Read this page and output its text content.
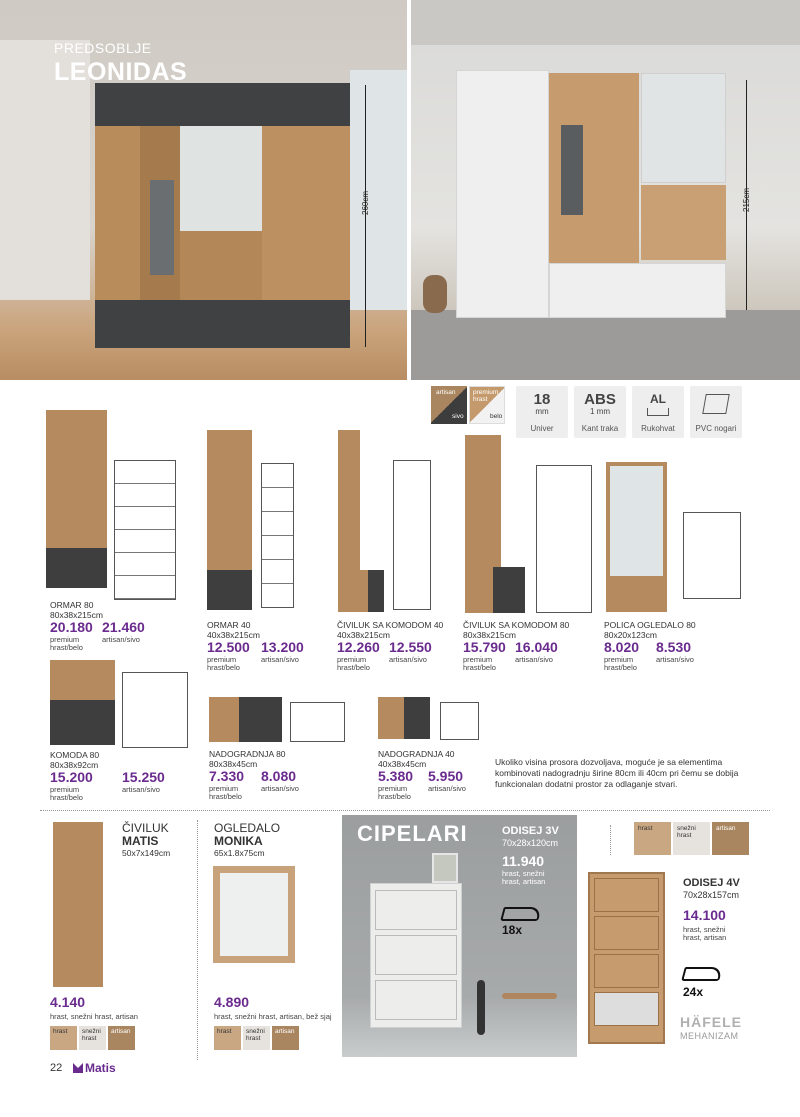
260cm
PREDSOBLJE
LEONIDAS
215cm
artisan
sivo
premium hrast
belo
18
mm
Univer
ABS
1 mm
Kant traka
AL
Rukohvat	PVC nogari
ORMAR 80
80x38x215cm
20.180
premium hrast/belo
21.460
artisan/sivo
ORMAR 40
40x38x215cm
12.500
premium hrast/belo
13.200
artisan/sivo
ČIVILUK SA KOMODOM 40
40x38x215cm
12.260
premium hrast/belo
12.550
artisan/sivo
ČIVILUK SA KOMODOM 80
80x38x215cm
15.790
premium hrast/belo
16.040
artisan/sivo
POLICA OGLEDALO 80
80x20x123cm
8.020
premium hrast/belo
8.530
artisan/sivo
KOMODA 80
80x38x92cm
15.200
premium hrast/belo
15.250
artisan/sivo
NADOGRADNJA 80
80x38x45cm
7.330
premium hrast/belo
8.080
artisan/sivo
NADOGRADNJA 40
40x38x45cm
5.380
premium hrast/belo
5.950
artisan/sivo
Ukoliko visina prosora dozvoljava, moguće je sa elementima kombinovati nadogradnju širine 80cm ili 40cm pri čemu se dobija funkcionalan dodatni prostor za odlaganje stvari.
ČIVILUK
MATIS
50x7x149cm
4.140
hrast, snežni hrast, artisan
hrast	snežni hrast
artisan
OGLEDALO
MONIKA
65x1.8x75cm
4.890
hrast, snežni hrast, artisan, bež sjaj
hrast	snežni hrast
artisan
CIPELARI	ODISEJ 3V
70x28x120cm
11.940
hrast, snežni hrast, artisan
18x
hrast	snežni hrast
artisan
ODISEJ 4V
70x28x157cm
14.100
hrast, snežni hrast, artisan
24x
HÄFELE
MEHANIZAM
22 Matis
